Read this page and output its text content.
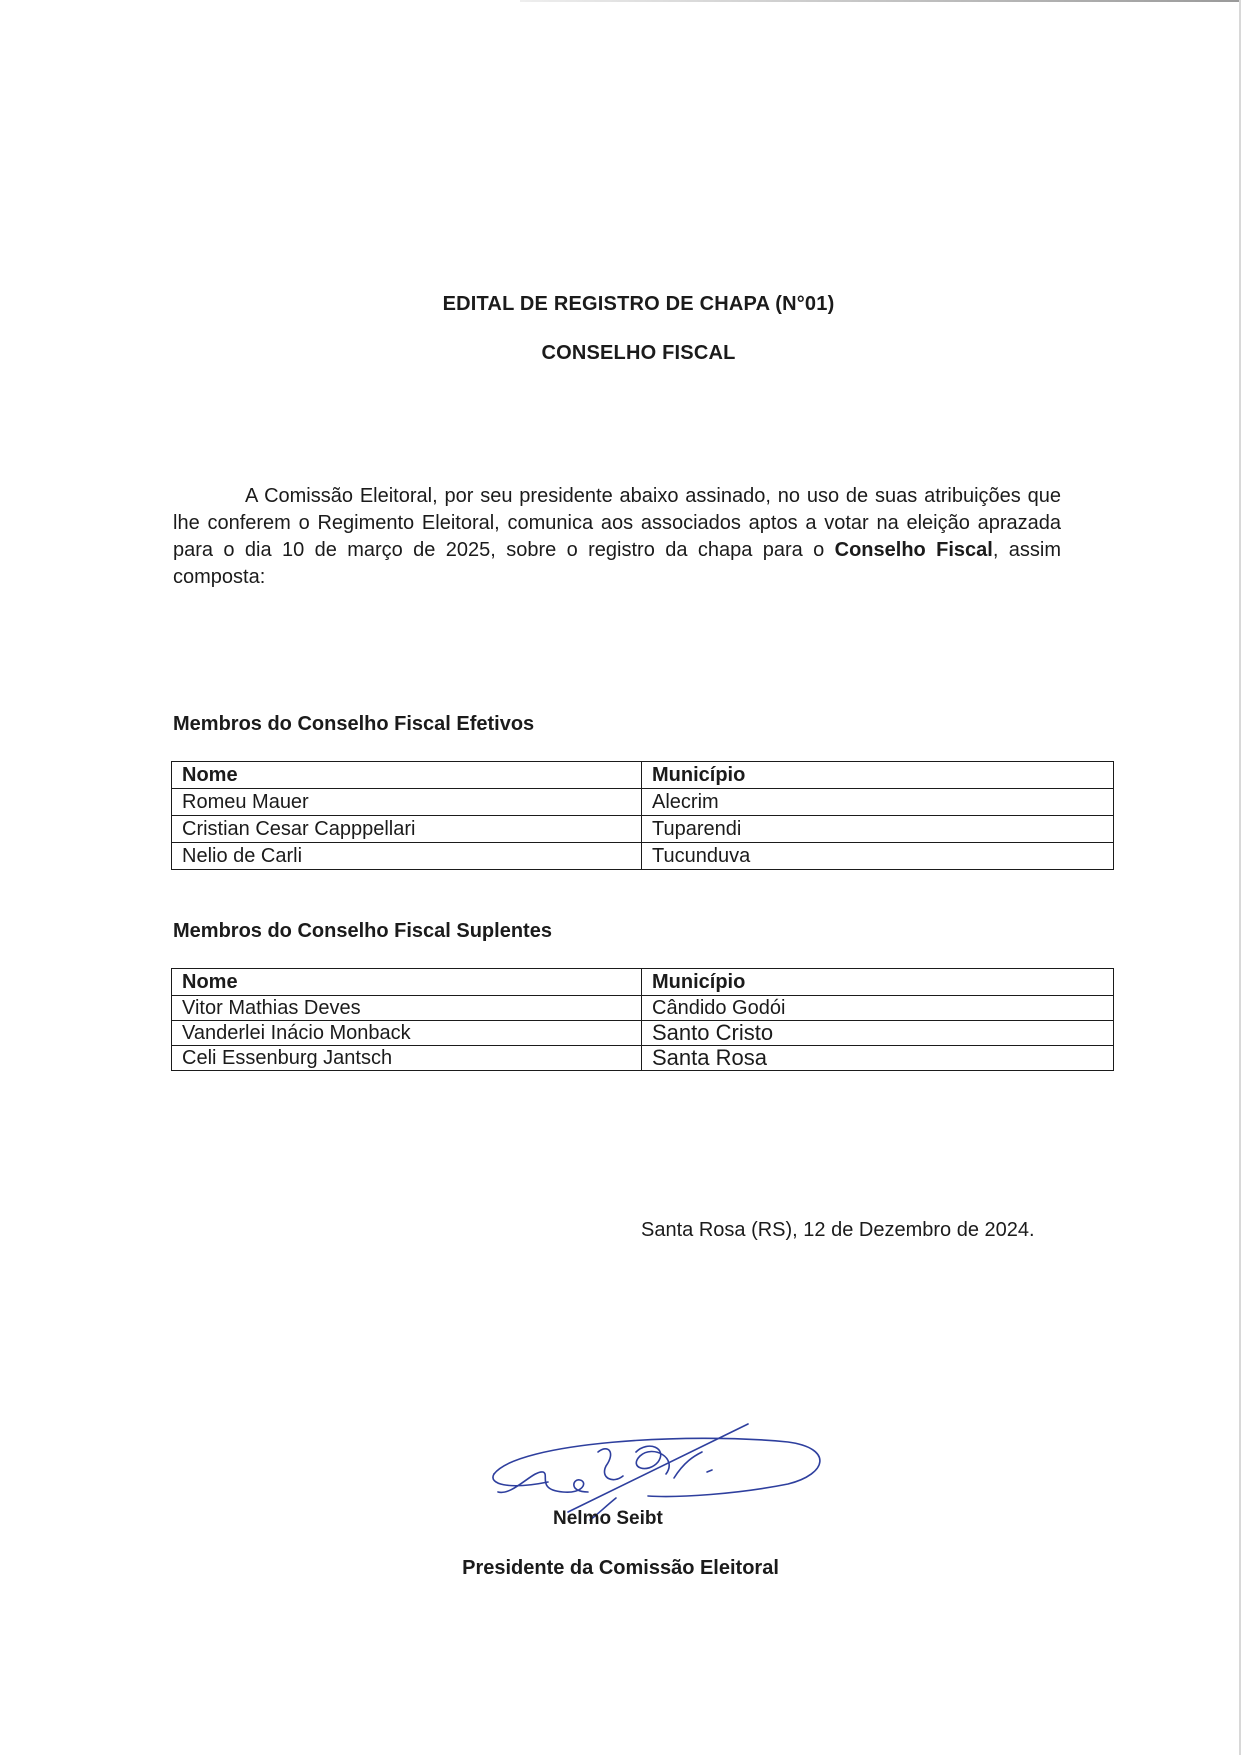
EDITAL DE REGISTRO DE CHAPA (N°01)
CONSELHO FISCAL
A Comissão Eleitoral, por seu presidente abaixo assinado, no uso de suas atribuições que lhe conferem o Regimento Eleitoral, comunica aos associados aptos a votar na eleição aprazada para o dia 10 de março de 2025, sobre o registro da chapa para o Conselho Fiscal, assim composta:
Membros do Conselho Fiscal Efetivos
Nome	Município
Romeu Mauer	Alecrim
Cristian Cesar Capppellari	Tuparendi
Nelio de Carli	Tucunduva
Membros do Conselho Fiscal Suplentes
Nome	Município
Vitor Mathias Deves	Cândido Godói
Vanderlei Inácio Monback	Santo Cristo
Celi Essenburg Jantsch	Santa Rosa
Santa Rosa (RS), 12 de Dezembro de 2024.
Nelmo Seibt
Presidente da Comissão Eleitoral
